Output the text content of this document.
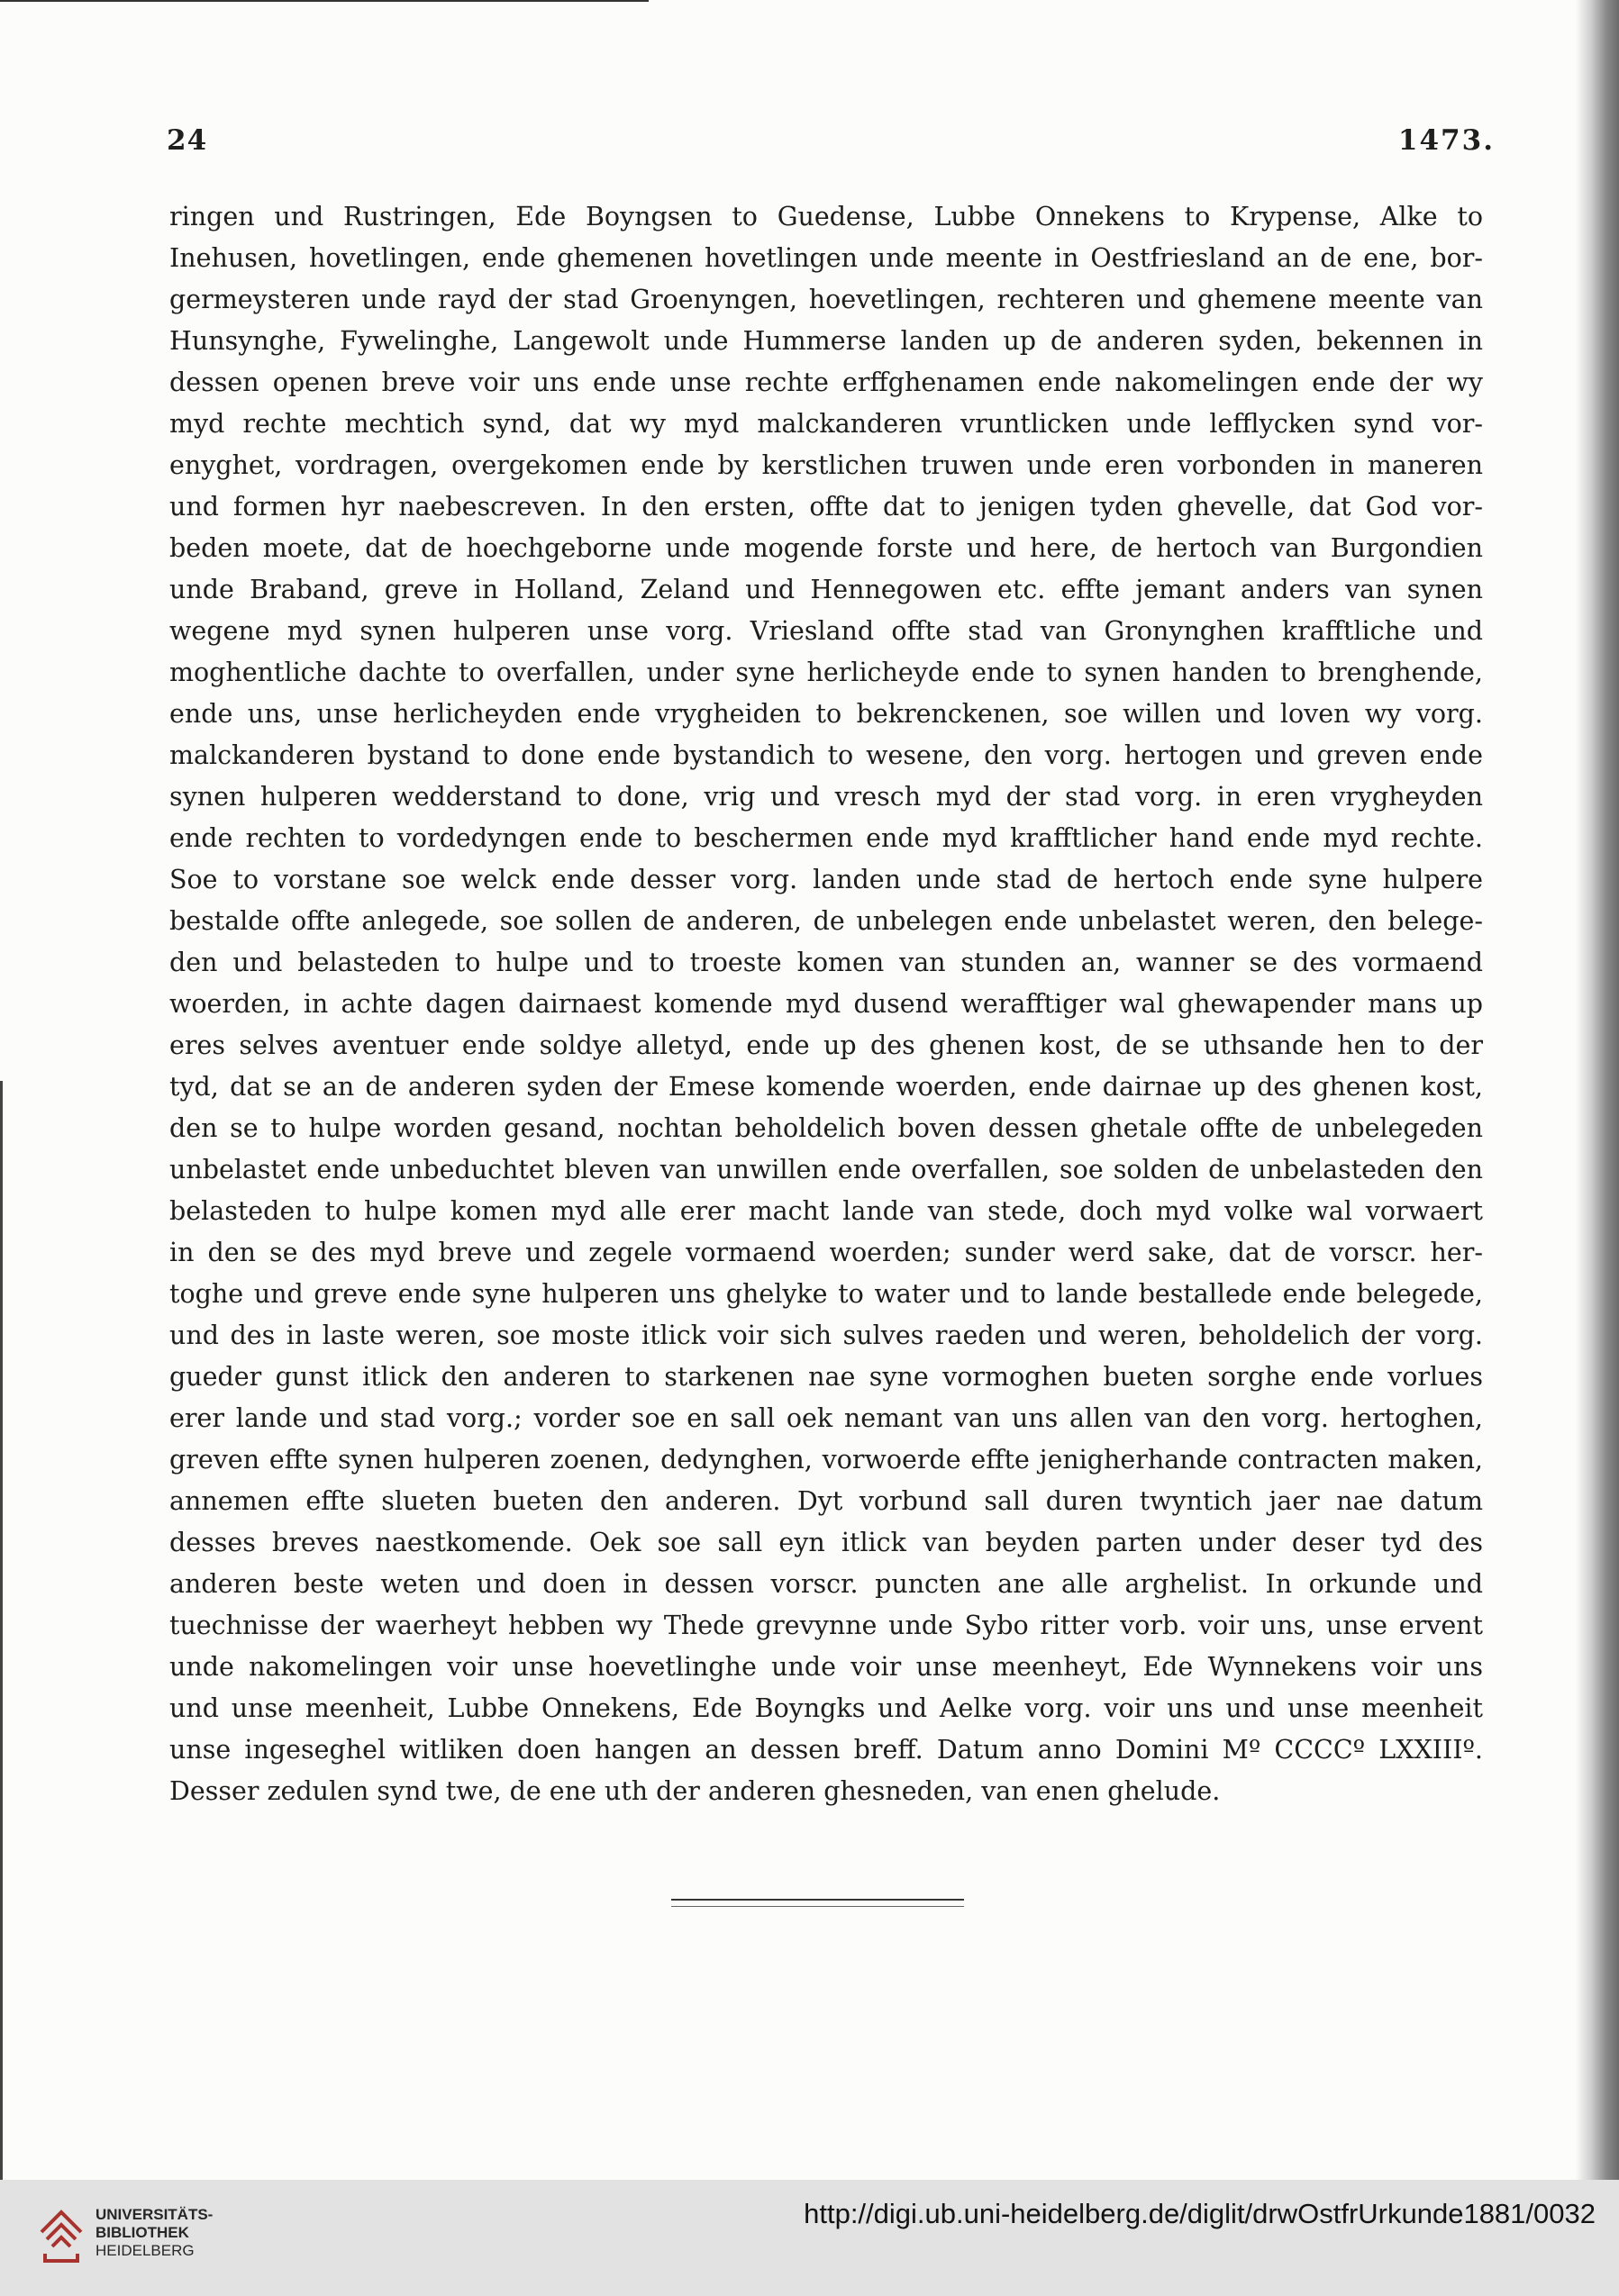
24	1473.
ringen und Rustringen, Ede Boyngsen to Guedense, Lubbe Onnekens to Krypense, Alke to
Inehusen, hovetlingen, ende ghemenen hovetlingen unde meente in Oestfriesland an de ene, bor-
germeysteren unde rayd der stad Groenyngen, hoevetlingen, rechteren und ghemene meente van
Hunsynghe, Fywelinghe, Langewolt unde Hummerse landen up de anderen syden, bekennen in
dessen openen breve voir uns ende unse rechte erffghenamen ende nakomelingen ende der wy
myd rechte mechtich synd, dat wy myd malckanderen vruntlicken unde lefflycken synd vor-
enyghet, vordragen, overgekomen ende by kerstlichen truwen unde eren vorbonden in maneren
und formen hyr naebescreven. In den ersten, offte dat to jenigen tyden ghevelle, dat God vor-
beden moete, dat de hoechgeborne unde mogende forste und here, de hertoch van Burgondien
unde Braband, greve in Holland, Zeland und Hennegowen etc. effte jemant anders van synen
wegene myd synen hulperen unse vorg. Vriesland offte stad van Gronynghen krafftliche und
moghentliche dachte to overfallen, under syne herlicheyde ende to synen handen to brenghende,
ende uns, unse herlicheyden ende vrygheiden to bekrenckenen, soe willen und loven wy vorg.
malckanderen bystand to done ende bystandich to wesene, den vorg. hertogen und greven ende
synen hulperen wedderstand to done, vrig und vresch myd der stad vorg. in eren vrygheyden
ende rechten to vordedyngen ende to beschermen ende myd krafftlicher hand ende myd rechte.
Soe to vorstane soe welck ende desser vorg. landen unde stad de hertoch ende syne hulpere
bestalde offte anlegede, soe sollen de anderen, de unbelegen ende unbelastet weren, den belege-
den und belasteden to hulpe und to troeste komen van stunden an, wanner se des vormaend
woerden, in achte dagen dairnaest komende myd dusend werafftiger wal ghewapender mans up
eres selves aventuer ende soldye alletyd, ende up des ghenen kost, de se uthsande hen to der
tyd, dat se an de anderen syden der Emese komende woerden, ende dairnae up des ghenen kost,
den se to hulpe worden gesand, nochtan beholdelich boven dessen ghetale offte de unbelegeden
unbelastet ende unbeduchtet bleven van unwillen ende overfallen, soe solden de unbelasteden den
belasteden to hulpe komen myd alle erer macht lande van stede, doch myd volke wal vorwaert
in den se des myd breve und zegele vormaend woerden; sunder werd sake, dat de vorscr. her-
toghe und greve ende syne hulperen uns ghelyke to water und to lande bestallede ende belegede,
und des in laste weren, soe moste itlick voir sich sulves raeden und weren, beholdelich der vorg.
gueder gunst itlick den anderen to starkenen nae syne vormoghen bueten sorghe ende vorlues
erer lande und stad vorg.; vorder soe en sall oek nemant van uns allen van den vorg. hertoghen,
greven effte synen hulperen zoenen, dedynghen, vorwoerde effte jenigherhande contracten maken,
annemen effte slueten bueten den anderen. Dyt vorbund sall duren twyntich jaer nae datum
desses breves naestkomende. Oek soe sall eyn itlick van beyden parten under deser tyd des
anderen beste weten und doen in dessen vorscr. puncten ane alle arghelist. In orkunde und
tuechnisse der waerheyt hebben wy Thede grevynne unde Sybo ritter vorb. voir uns, unse ervent
unde nakomelingen voir unse hoevetlinghe unde voir unse meenheyt, Ede Wynnekens voir uns
und unse meenheit, Lubbe Onnekens, Ede Boyngks und Aelke vorg. voir uns und unse meenheit
unse ingeseghel witliken doen hangen an dessen breff. Datum anno Domini Mº CCCCº LXXIIIº.
Desser zedulen synd twe, de ene uth der anderen ghesneden, van enen ghelude.
UNIVERSITÄTS-
BIBLIOTHEK
HEIDELBERG
http://digi.ub.uni-heidelberg.de/diglit/drwOstfrUrkunde1881/0032
